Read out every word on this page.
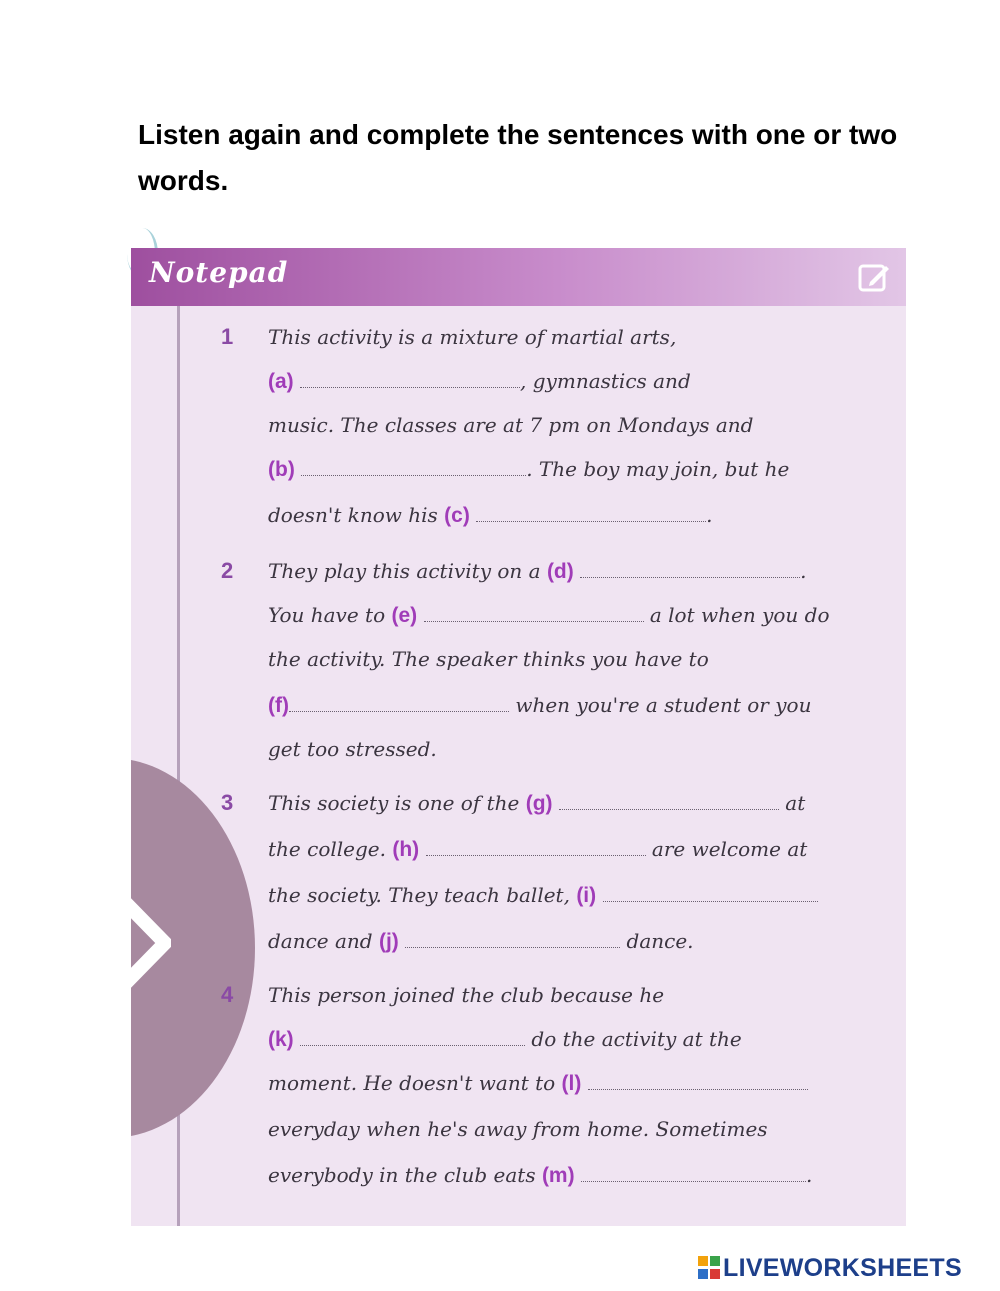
Listen again and complete the sentences with one or two words.
Notepad
1	This activity is a mixture of martial arts,
(a)	, gymnastics and
music. The classes are at 7 pm on Mondays and
(b)	. The boy may join, but he
doesn't know his (c)	.
2	They play this activity on a (d)	.
You have to (e)	a lot when you do
the activity. The speaker thinks you have to
(f)	when you're a student or you
get too stressed.
3	This society is one of the (g)	at
the college. (h)	are welcome at
the society. They teach ballet, (i)
dance and (j)	dance.
4	This person joined the club because he
(k)	do the activity at the
moment. He doesn't want to (l)
everyday when he's away from home. Sometimes
everybody in the club eats (m)	.
LIVEWORKSHEETS
